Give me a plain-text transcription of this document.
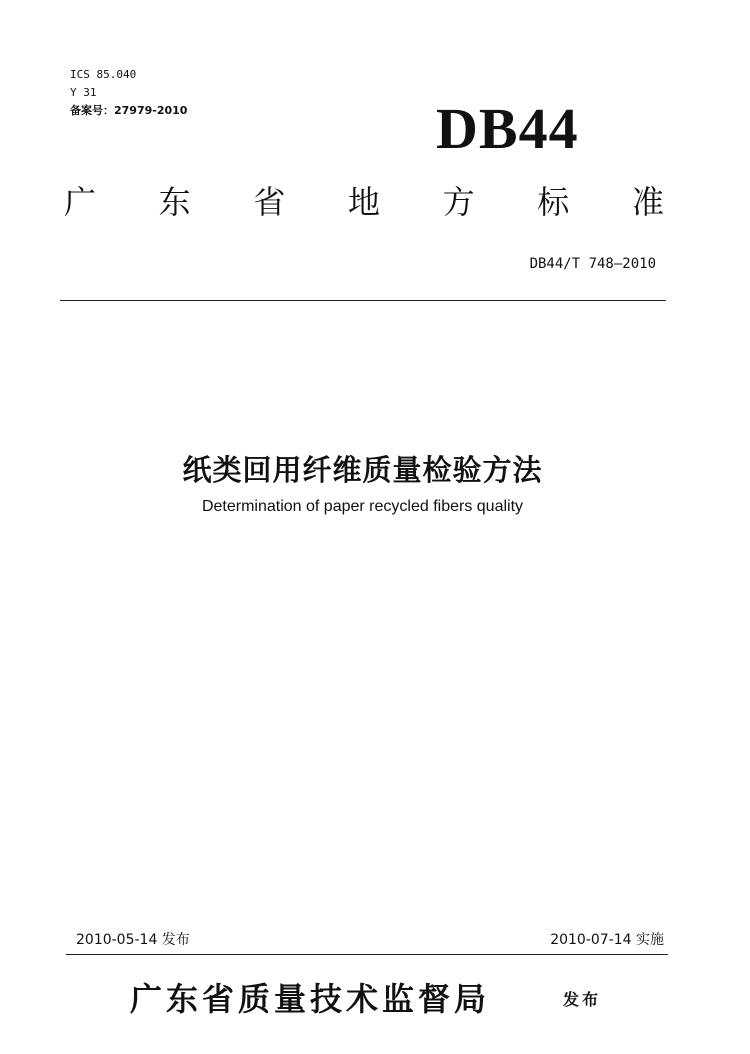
ICS 85.040
Y 31
备案号：27979-2010	DB44
广 东 省 地 方 标 准
DB44/T 748—2010
纸类回用纤维质量检验方法
Determination of paper recycled fibers quality
2010-05-14 发布	2010-07-14 实施
广东省质量技术监督局	发布
